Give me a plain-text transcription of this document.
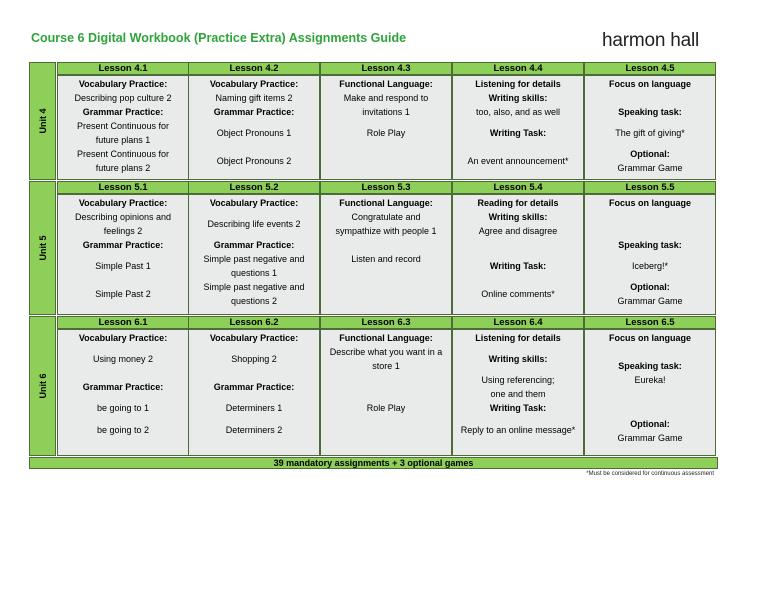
Course 6 Digital Workbook (Practice Extra) Assignments Guide	harmon hall
Unit 4
Lesson 4.1
Vocabulary Practice:
Describing pop culture 2
Grammar Practice:
Present Continuous for
future plans 1
Present Continuous for
future plans 2
Lesson 4.2
Vocabulary Practice:
Naming gift items 2
Grammar Practice:
Object Pronouns 1
Object Pronouns 2
Lesson 4.3
Functional Language:
Make and respond to
invitations 1
Role Play
Lesson 4.4
Listening for details
Writing skills:
too, also, and as well
Writing Task:
An event announcement*
Lesson 4.5
Focus on language
Speaking task:
The gift of giving*
Optional:
Grammar Game
Unit 5
Lesson 5.1
Vocabulary Practice:
Describing opinions and
feelings 2
Grammar Practice:
Simple Past 1
Simple Past 2
Lesson 5.2
Vocabulary Practice:
Describing life events 2
Grammar Practice:
Simple past negative and
questions 1
Simple past negative and
questions 2
Lesson 5.3
Functional Language:
Congratulate and
sympathize with people 1
Listen and record
Lesson 5.4
Reading for details
Writing skills:
Agree and disagree
Writing Task:
Online comments*
Lesson 5.5
Focus on language
Speaking task:
Iceberg!*
Optional:
Grammar Game
Unit 6
Lesson 6.1
Vocabulary Practice:
Using money 2
Grammar Practice:
be going to 1
be going to 2
Lesson 6.2
Vocabulary Practice:
Shopping 2
Grammar Practice:
Determiners 1
Determiners 2
Lesson 6.3
Functional Language:
Describe what you want in a
store 1
Role Play
Lesson 6.4
Listening for details
Writing skills:
Using referencing;
one and them
Writing Task:
Reply to an online message*
Lesson 6.5
Focus on language
Speaking task:
Eureka!
Optional:
Grammar Game
39 mandatory assignments + 3 optional games
*Must be considered for continuous assessment
